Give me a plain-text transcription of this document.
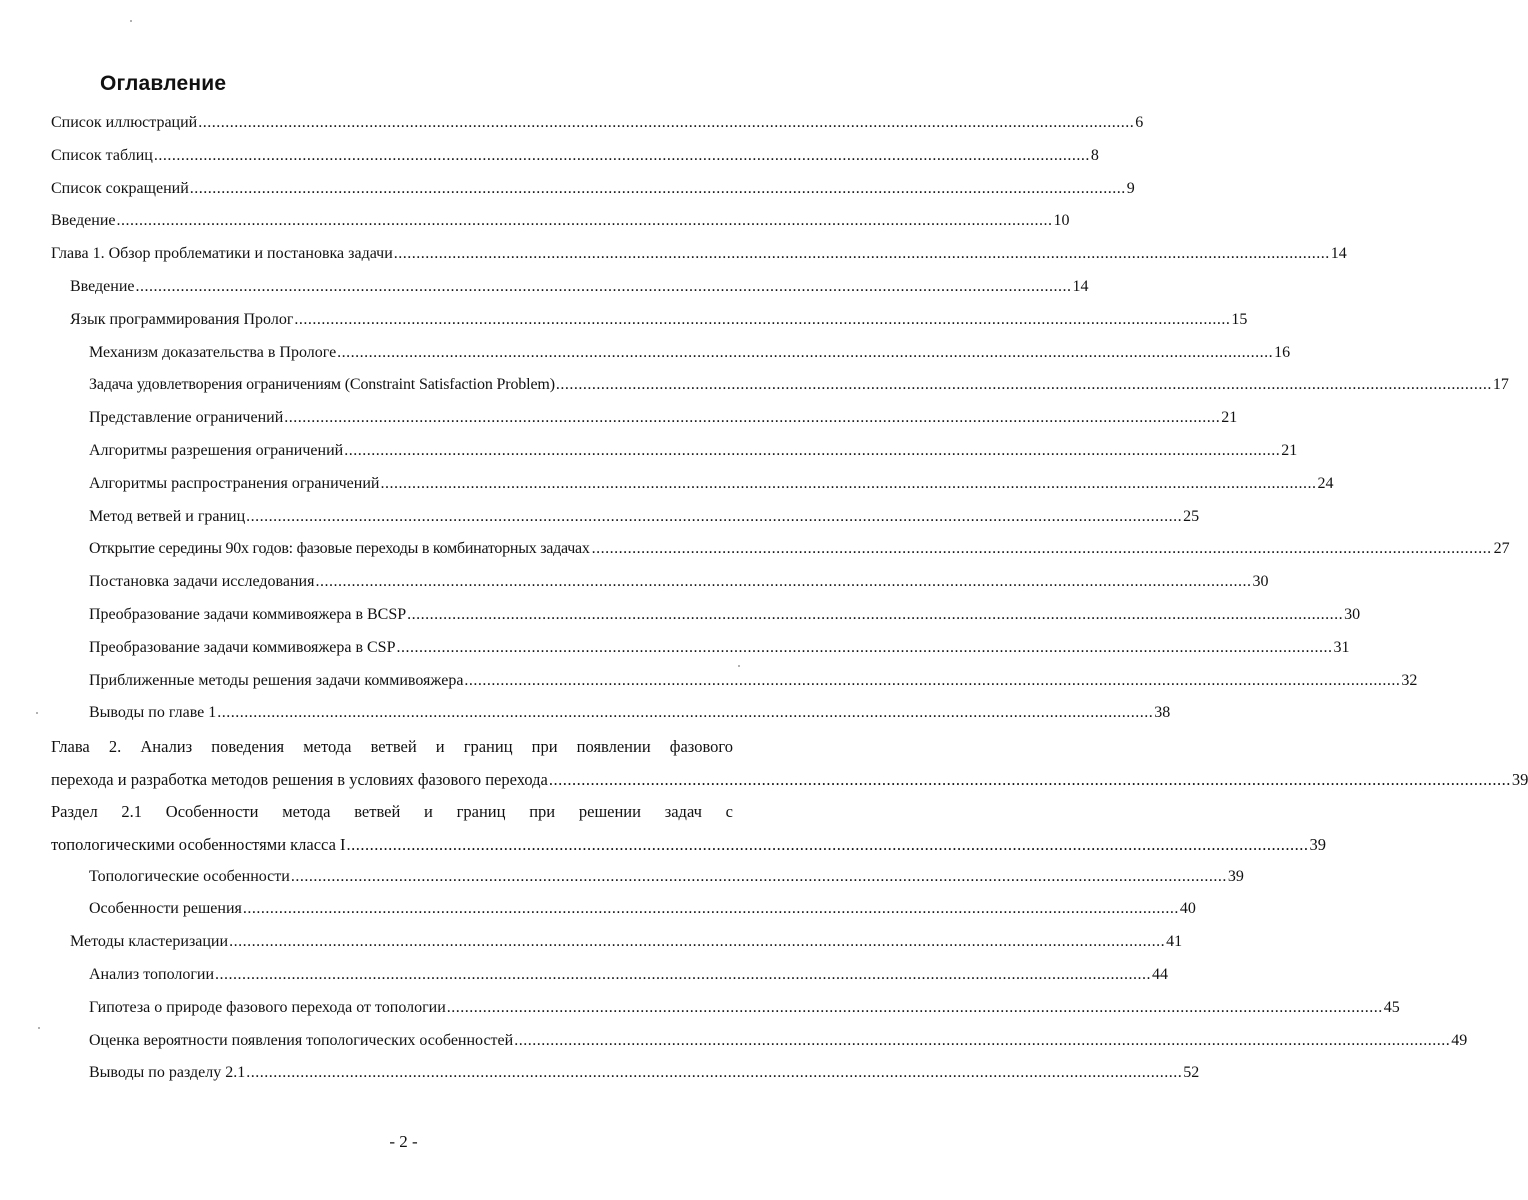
Оглавление
Список иллюстраций ................................................................................................................................................................................................................ 6
Список таблиц ................................................................................................................................................................................................................ 8
Список сокращений ................................................................................................................................................................................................................ 9
Введение ................................................................................................................................................................................................................ 10
Глава 1. Обзор проблематики и постановка задачи ................................................................................................................................................................................................................ 14
Введение ................................................................................................................................................................................................................ 14
Язык программирования Пролог ................................................................................................................................................................................................................ 15
Механизм доказательства в Прологе ................................................................................................................................................................................................................ 16
Задача удовлетворения ограничениям (Constraint Satisfaction Problem) ................................................................................................................................................................................................................ 17
Представление ограничений ................................................................................................................................................................................................................ 21
Алгоритмы разрешения ограничений ................................................................................................................................................................................................................ 21
Алгоритмы распространения ограничений ................................................................................................................................................................................................................ 24
Метод ветвей и границ ................................................................................................................................................................................................................ 25
Открытие середины 90х годов: фазовые переходы в комбинаторных задачах ........................................................................................................................................................................................................ 27
Постановка задачи исследования ................................................................................................................................................................................................................ 30
Преобразование задачи коммивояжера в BCSP ................................................................................................................................................................................................................ 30
Преобразование задачи коммивояжера в CSP ................................................................................................................................................................................................................ 31
Приближенные методы решения задачи коммивояжера ................................................................................................................................................................................................................ 32
Выводы по главе 1 ................................................................................................................................................................................................................ 38
Глава 2. Анализ поведения метода ветвей и границ при появлении фазового
перехода и разработка методов решения в условиях фазового перехода ................................................................................................................................................................................................................ 39
Раздел 2.1 Особенности метода ветвей и границ при решении задач с
топологическими особенностями класса I ................................................................................................................................................................................................................ 39
Топологические особенности ................................................................................................................................................................................................................ 39
Особенности решения ................................................................................................................................................................................................................ 40
Методы кластеризации ................................................................................................................................................................................................................ 41
Анализ топологии ................................................................................................................................................................................................................ 44
Гипотеза о природе фазового перехода от топологии ................................................................................................................................................................................................................ 45
Оценка вероятности появления топологических особенностей ................................................................................................................................................................................................................ 49
Выводы по разделу 2.1 ................................................................................................................................................................................................................ 52
- 2 -
